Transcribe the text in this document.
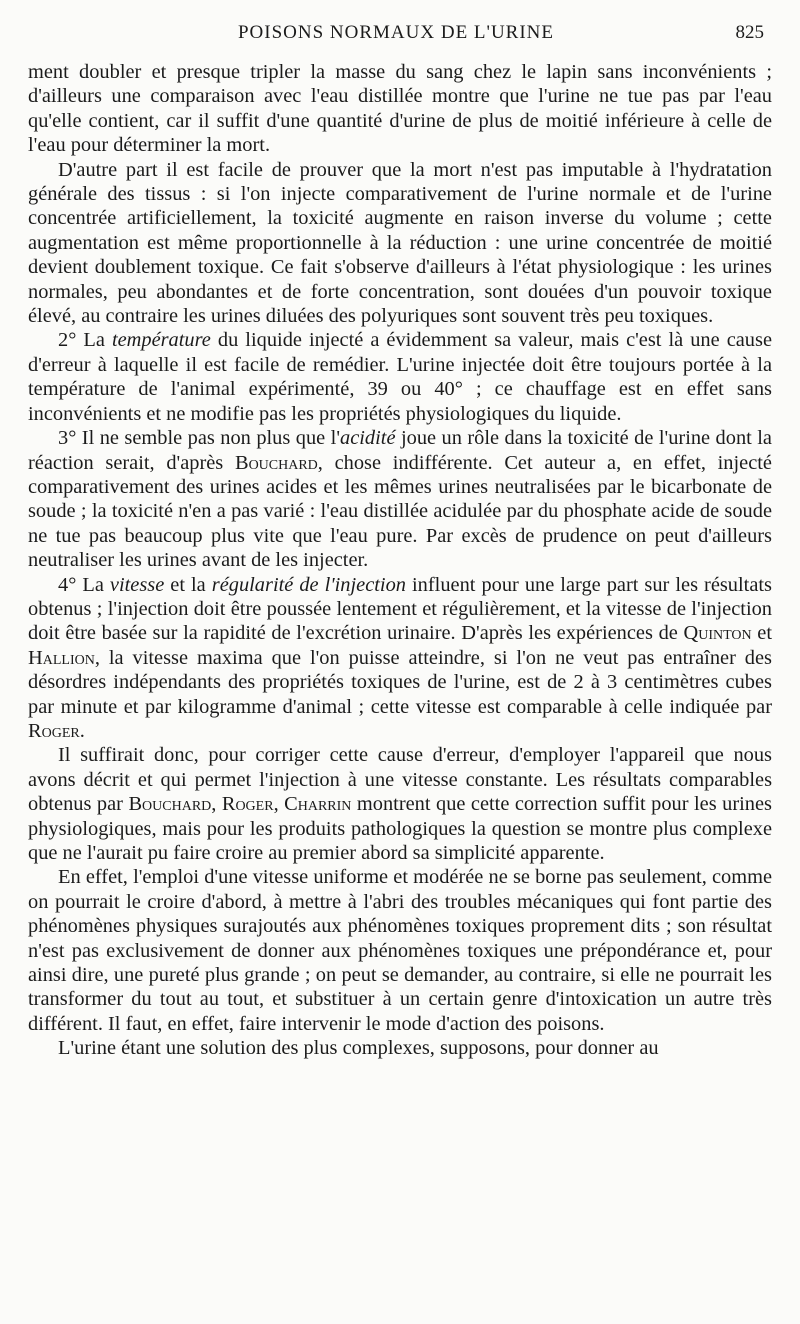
POISONS NORMAUX DE L'URINE	825

ment doubler et presque tripler la masse du sang chez le lapin sans inconvénients ; d'ailleurs une comparaison avec l'eau distillée montre que l'urine ne tue pas par l'eau qu'elle contient, car il suffit d'une quantité d'urine de plus de moitié inférieure à celle de l'eau pour déterminer la mort.

D'autre part il est facile de prouver que la mort n'est pas imputable à l'hydratation générale des tissus : si l'on injecte comparativement de l'urine normale et de l'urine concentrée artificiellement, la toxicité augmente en raison inverse du volume ; cette augmentation est même proportionnelle à la réduction : une urine concentrée de moitié devient doublement toxique. Ce fait s'observe d'ailleurs à l'état physiologique : les urines normales, peu abondantes et de forte concentration, sont douées d'un pouvoir toxique élevé, au contraire les urines diluées des polyuriques sont souvent très peu toxiques.

2° La température du liquide injecté a évidemment sa valeur, mais c'est là une cause d'erreur à laquelle il est facile de remédier. L'urine injectée doit être toujours portée à la température de l'animal expérimenté, 39 ou 40° ; ce chauffage est en effet sans inconvénients et ne modifie pas les propriétés physiologiques du liquide.

3° Il ne semble pas non plus que l'acidité joue un rôle dans la toxicité de l'urine dont la réaction serait, d'après Bouchard, chose indifférente. Cet auteur a, en effet, injecté comparativement des urines acides et les mêmes urines neutralisées par le bicarbonate de soude ; la toxicité n'en a pas varié : l'eau distillée acidulée par du phosphate acide de soude ne tue pas beaucoup plus vite que l'eau pure. Par excès de prudence on peut d'ailleurs neutraliser les urines avant de les injecter.

4° La vitesse et la régularité de l'injection influent pour une large part sur les résultats obtenus ; l'injection doit être poussée lentement et régulièrement, et la vitesse de l'injection doit être basée sur la rapidité de l'excrétion urinaire. D'après les expériences de Quinton et Hallion, la vitesse maxima que l'on puisse atteindre, si l'on ne veut pas entraîner des désordres indépendants des propriétés toxiques de l'urine, est de 2 à 3 centimètres cubes par minute et par kilogramme d'animal ; cette vitesse est comparable à celle indiquée par Roger.

Il suffirait donc, pour corriger cette cause d'erreur, d'employer l'appareil que nous avons décrit et qui permet l'injection à une vitesse constante. Les résultats comparables obtenus par Bouchard, Roger, Charrin montrent que cette correction suffit pour les urines physiologiques, mais pour les produits pathologiques la question se montre plus complexe que ne l'aurait pu faire croire au premier abord sa simplicité apparente.

En effet, l'emploi d'une vitesse uniforme et modérée ne se borne pas seulement, comme on pourrait le croire d'abord, à mettre à l'abri des troubles mécaniques qui font partie des phénomènes physiques surajoutés aux phénomènes toxiques proprement dits ; son résultat n'est pas exclusivement de donner aux phénomènes toxiques une prépondérance et, pour ainsi dire, une pureté plus grande ; on peut se demander, au contraire, si elle ne pourrait les transformer du tout au tout, et substituer à un certain genre d'intoxication un autre très différent. Il faut, en effet, faire intervenir le mode d'action des poisons.

L'urine étant une solution des plus complexes, supposons, pour donner au
